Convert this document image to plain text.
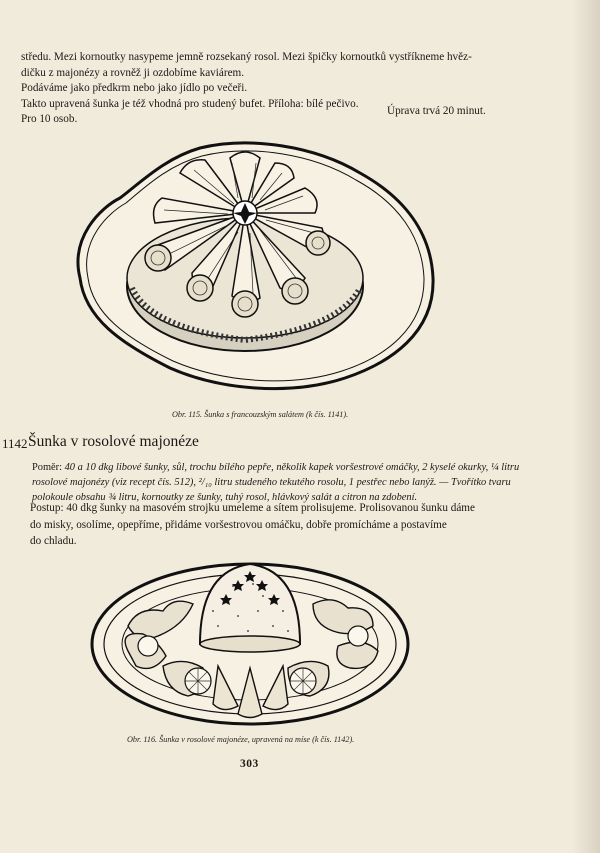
středu. Mezi kornoutky nasypeme jemně rozsekaný rosol. Mezi špičky kornoutků vystříkneme hvěz-
dičku z majonézy a rovněž ji ozdobíme kaviárem.
Podáváme jako předkrm nebo jako jídlo po večeři.
Takto upravená šunka je též vhodná pro studený bufet. Příloha: bílé pečivo.
Pro 10 osob.
Úprava trvá 20 minut.
Obr. 115. Šunka s francouzským salátem (k čís. 1141).
1142 Šunka v rosolové majonéze
Poměr: 40 a 10 dkg libové šunky, sůl, trochu bílého pepře, několik kapek voršestrové omáčky, 2 kyselé okurky, ¼ litru
rosolové majonézy (viz recept čís. 512), ²/₁₀ litru studeného tekutého rosolu, 1 pestřec nebo lanýž. — Tvořítko tvaru
polokoule obsahu ¾ litru, kornoutky ze šunky, tuhý rosol, hlávkový salát a citron na zdobení.
Postup: 40 dkg šunky na masovém strojku umeleme a sítem prolisujeme. Prolisovanou šunku dáme
do misky, osolíme, opepříme, přidáme voršestrovou omáčku, dobře promícháme a postavíme
do chladu.
Obr. 116. Šunka v rosolové majonéze, upravená na míse (k čís. 1142).
303
